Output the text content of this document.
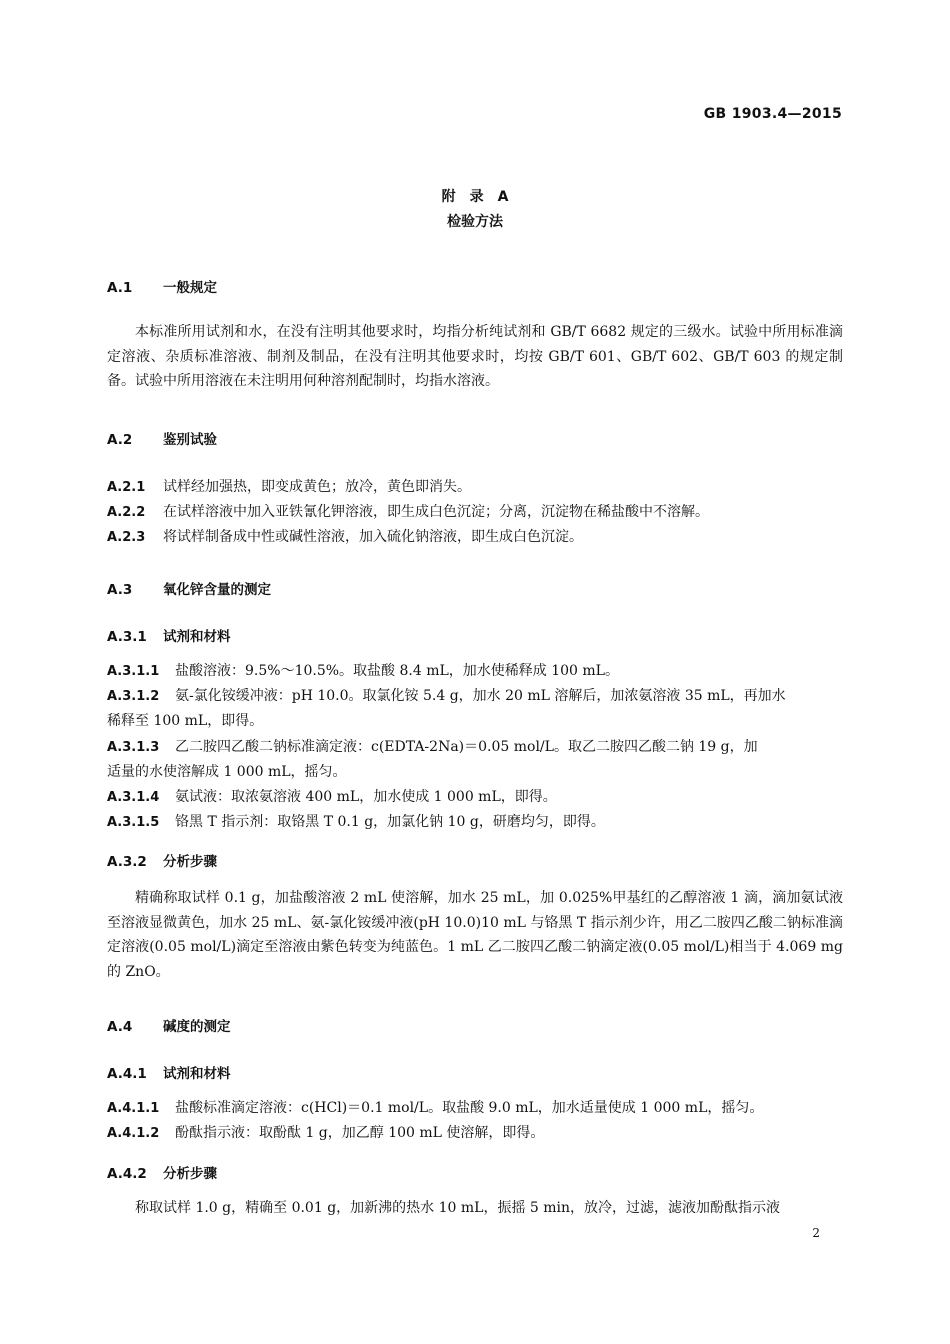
GB 1903.4—2015
附　录　A
检验方法
A.1 一般规定
本标准所用试剂和水，在没有注明其他要求时，均指分析纯试剂和 GB/T 6682 规定的三级水。试验中所用标准滴定溶液、杂质标准溶液、制剂及制品，在没有注明其他要求时，均按 GB/T 601、GB/T 602、GB/T 603 的规定制备。试验中所用溶液在未注明用何种溶剂配制时，均指水溶液。
A.2 鉴别试验
A.2.1 试样经加强热，即变成黄色；放冷，黄色即消失。
A.2.2 在试样溶液中加入亚铁氰化钾溶液，即生成白色沉淀；分离，沉淀物在稀盐酸中不溶解。
A.2.3 将试样制备成中性或碱性溶液，加入硫化钠溶液，即生成白色沉淀。
A.3 氧化锌含量的测定
A.3.1 试剂和材料
A.3.1.1 盐酸溶液：9.5%～10.5%。取盐酸 8.4 mL，加水使稀释成 100 mL。
A.3.1.2 氨-氯化铵缓冲液：pH 10.0。取氯化铵 5.4 g，加水 20 mL 溶解后，加浓氨溶液 35 mL，再加水
稀释至 100 mL，即得。
A.3.1.3 乙二胺四乙酸二钠标准滴定液：c(EDTA-2Na)＝0.05 mol/L。取乙二胺四乙酸二钠 19 g，加
适量的水使溶解成 1 000 mL，摇匀。
A.3.1.4 氨试液：取浓氨溶液 400 mL，加水使成 1 000 mL，即得。
A.3.1.5 铬黑 T 指示剂：取铬黑 T 0.1 g，加氯化钠 10 g，研磨均匀，即得。
A.3.2 分析步骤
精确称取试样 0.1 g，加盐酸溶液 2 mL 使溶解，加水 25 mL，加 0.025%甲基红的乙醇溶液 1 滴，滴加氨试液至溶液显微黄色，加水 25 mL、氨-氯化铵缓冲液(pH 10.0)10 mL 与铬黑 T 指示剂少许，用乙二胺四乙酸二钠标准滴定溶液(0.05 mol/L)滴定至溶液由紫色转变为纯蓝色。1 mL 乙二胺四乙酸二钠滴定液(0.05 mol/L)相当于 4.069 mg 的 ZnO。
A.4 碱度的测定
A.4.1 试剂和材料
A.4.1.1 盐酸标准滴定溶液：c(HCl)＝0.1 mol/L。取盐酸 9.0 mL，加水适量使成 1 000 mL，摇匀。
A.4.1.2 酚酞指示液：取酚酞 1 g，加乙醇 100 mL 使溶解，即得。
A.4.2 分析步骤
称取试样 1.0 g，精确至 0.01 g，加新沸的热水 10 mL，振摇 5 min，放冷，过滤，滤液加酚酞指示液
2
